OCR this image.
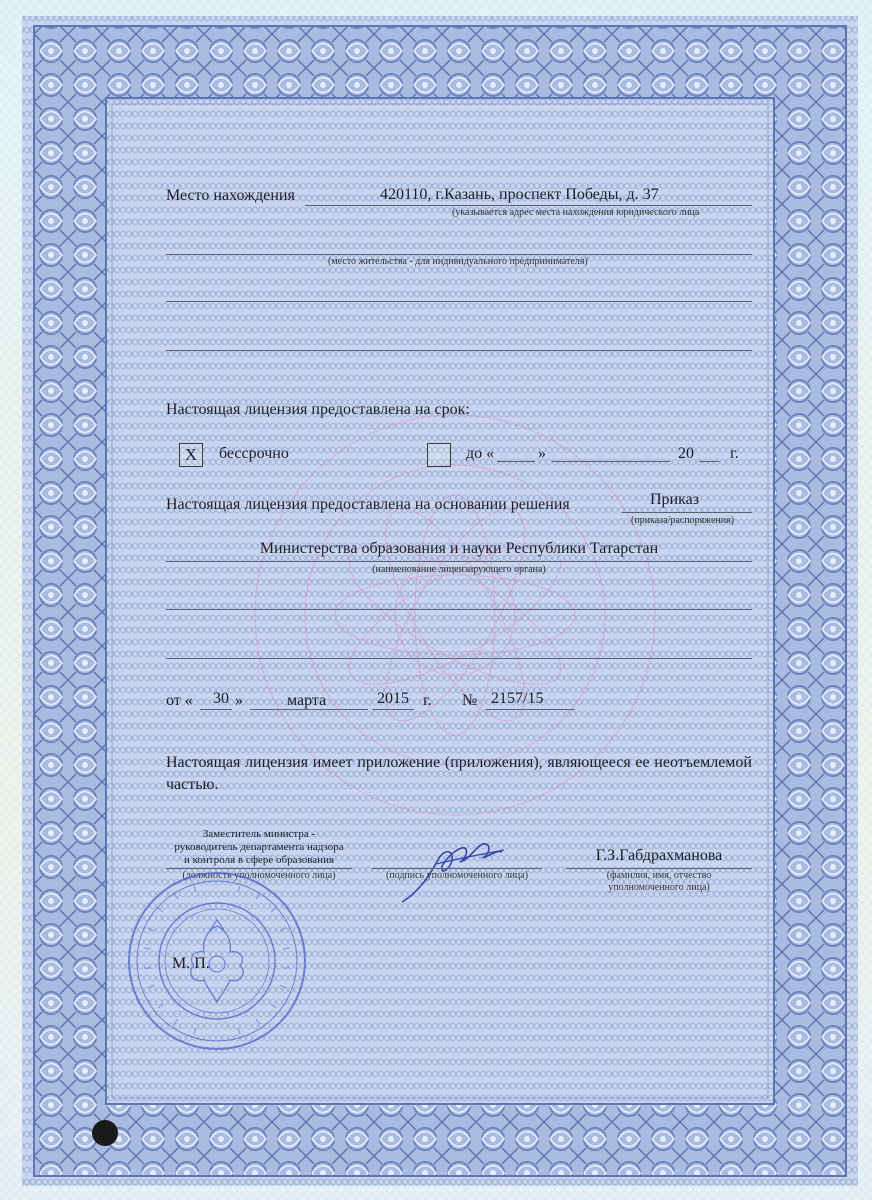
Место нахождения	420110, г.Казань, проспект Победы, д. 37
(указывается адрес места нахождения юридического лица
(место жительства - для индивидуального предпринимателя)
Настоящая лицензия предоставлена на срок:
X	бессрочно	до «	»	20 г.
Настоящая лицензия предоставлена на основании решения	Приказ
(приказа/распоряжения)
Министерства образования и науки Республики Татарстан
(наименование лицензирующего органа)
от « 30 »	марта	2015 г. № 2157/15
Настоящая лицензия имеет приложение (приложения), являющееся ее неотъемлемой частью.
Заместитель министра -
руководитель департамента надзора
и контроля в сфере образования
(должность уполномоченного лица)	(подпись уполномоченного лица)
Г.З.Габдрахманова
(фамилия, имя, отчество
уполномоченного лица)
М. П.
